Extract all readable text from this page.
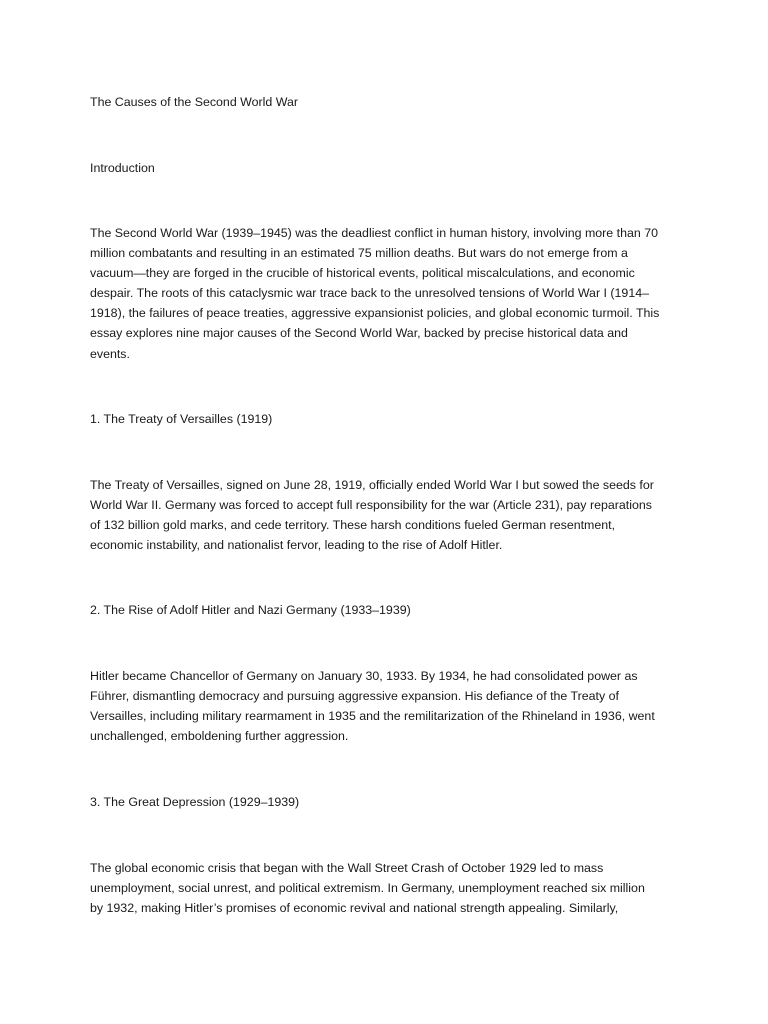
The Causes of the Second World War

Introduction

The Second World War (1939–1945) was the deadliest conflict in human history, involving more than 70
million combatants and resulting in an estimated 75 million deaths. But wars do not emerge from a
vacuum—they are forged in the crucible of historical events, political miscalculations, and economic
despair. The roots of this cataclysmic war trace back to the unresolved tensions of World War I (1914–
1918), the failures of peace treaties, aggressive expansionist policies, and global economic turmoil. This
essay explores nine major causes of the Second World War, backed by precise historical data and
events.

1. The Treaty of Versailles (1919)

The Treaty of Versailles, signed on June 28, 1919, officially ended World War I but sowed the seeds for
World War II. Germany was forced to accept full responsibility for the war (Article 231), pay reparations
of 132 billion gold marks, and cede territory. These harsh conditions fueled German resentment,
economic instability, and nationalist fervor, leading to the rise of Adolf Hitler.

2. The Rise of Adolf Hitler and Nazi Germany (1933–1939)

Hitler became Chancellor of Germany on January 30, 1933. By 1934, he had consolidated power as
Führer, dismantling democracy and pursuing aggressive expansion. His defiance of the Treaty of
Versailles, including military rearmament in 1935 and the remilitarization of the Rhineland in 1936, went
unchallenged, emboldening further aggression.

3. The Great Depression (1929–1939)

The global economic crisis that began with the Wall Street Crash of October 1929 led to mass
unemployment, social unrest, and political extremism. In Germany, unemployment reached six million
by 1932, making Hitler’s promises of economic revival and national strength appealing. Similarly,
